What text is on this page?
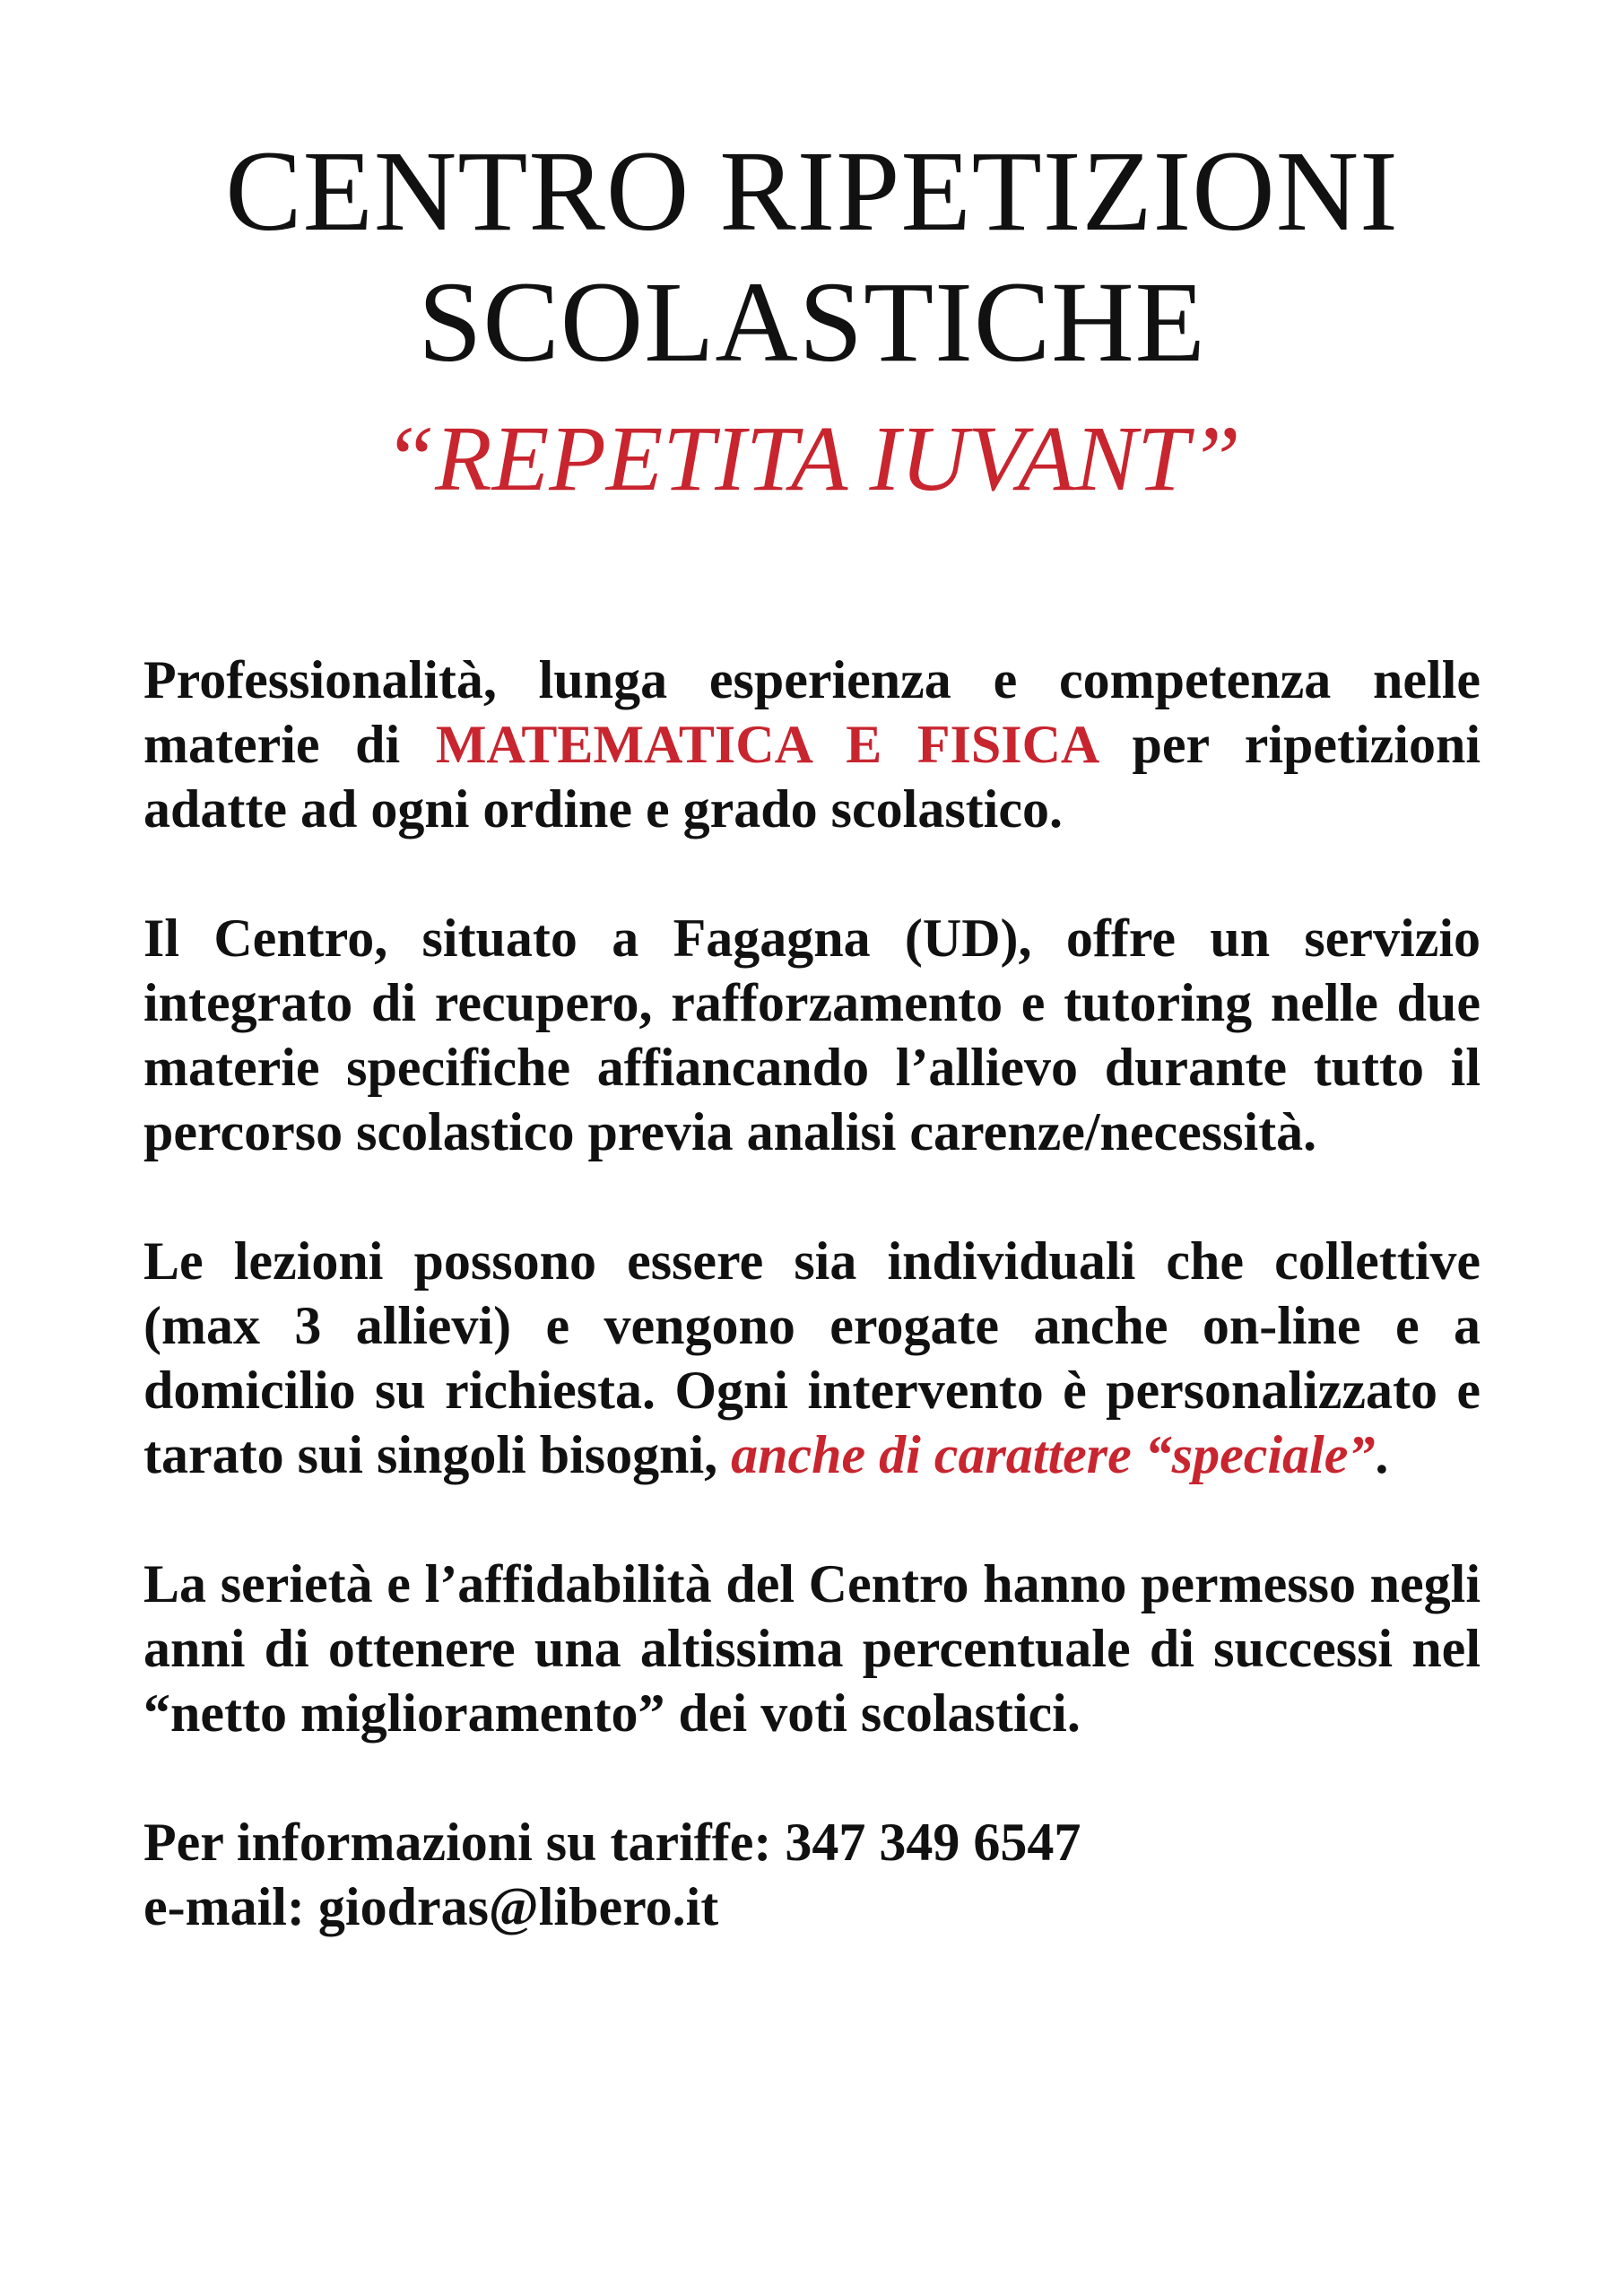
CENTRO RIPETIZIONI
SCOLASTICHE

“REPETITA IUVANT”

Professionalità, lunga esperienza e competenza nelle materie di MATEMATICA E FISICA per ripetizioni adatte ad ogni ordine e grado scolastico.

Il Centro, situato a Fagagna (UD), offre un servizio integrato di recupero, rafforzamento e tutoring nelle due materie specifiche affiancando l’allievo durante tutto il percorso scolastico previa analisi carenze/necessità.

Le lezioni possono essere sia individuali che collettive (max 3 allievi) e vengono erogate anche on-line e a domicilio su richiesta. Ogni intervento è personalizzato e tarato sui singoli bisogni, anche di carattere “speciale”.

La serietà e l’affidabilità del Centro hanno permesso negli anni di ottenere una altissima percentuale di successi nel “netto miglioramento” dei voti scolastici.

Per informazioni su tariffe: 347 349 6547
e-mail: giodras@libero.it
